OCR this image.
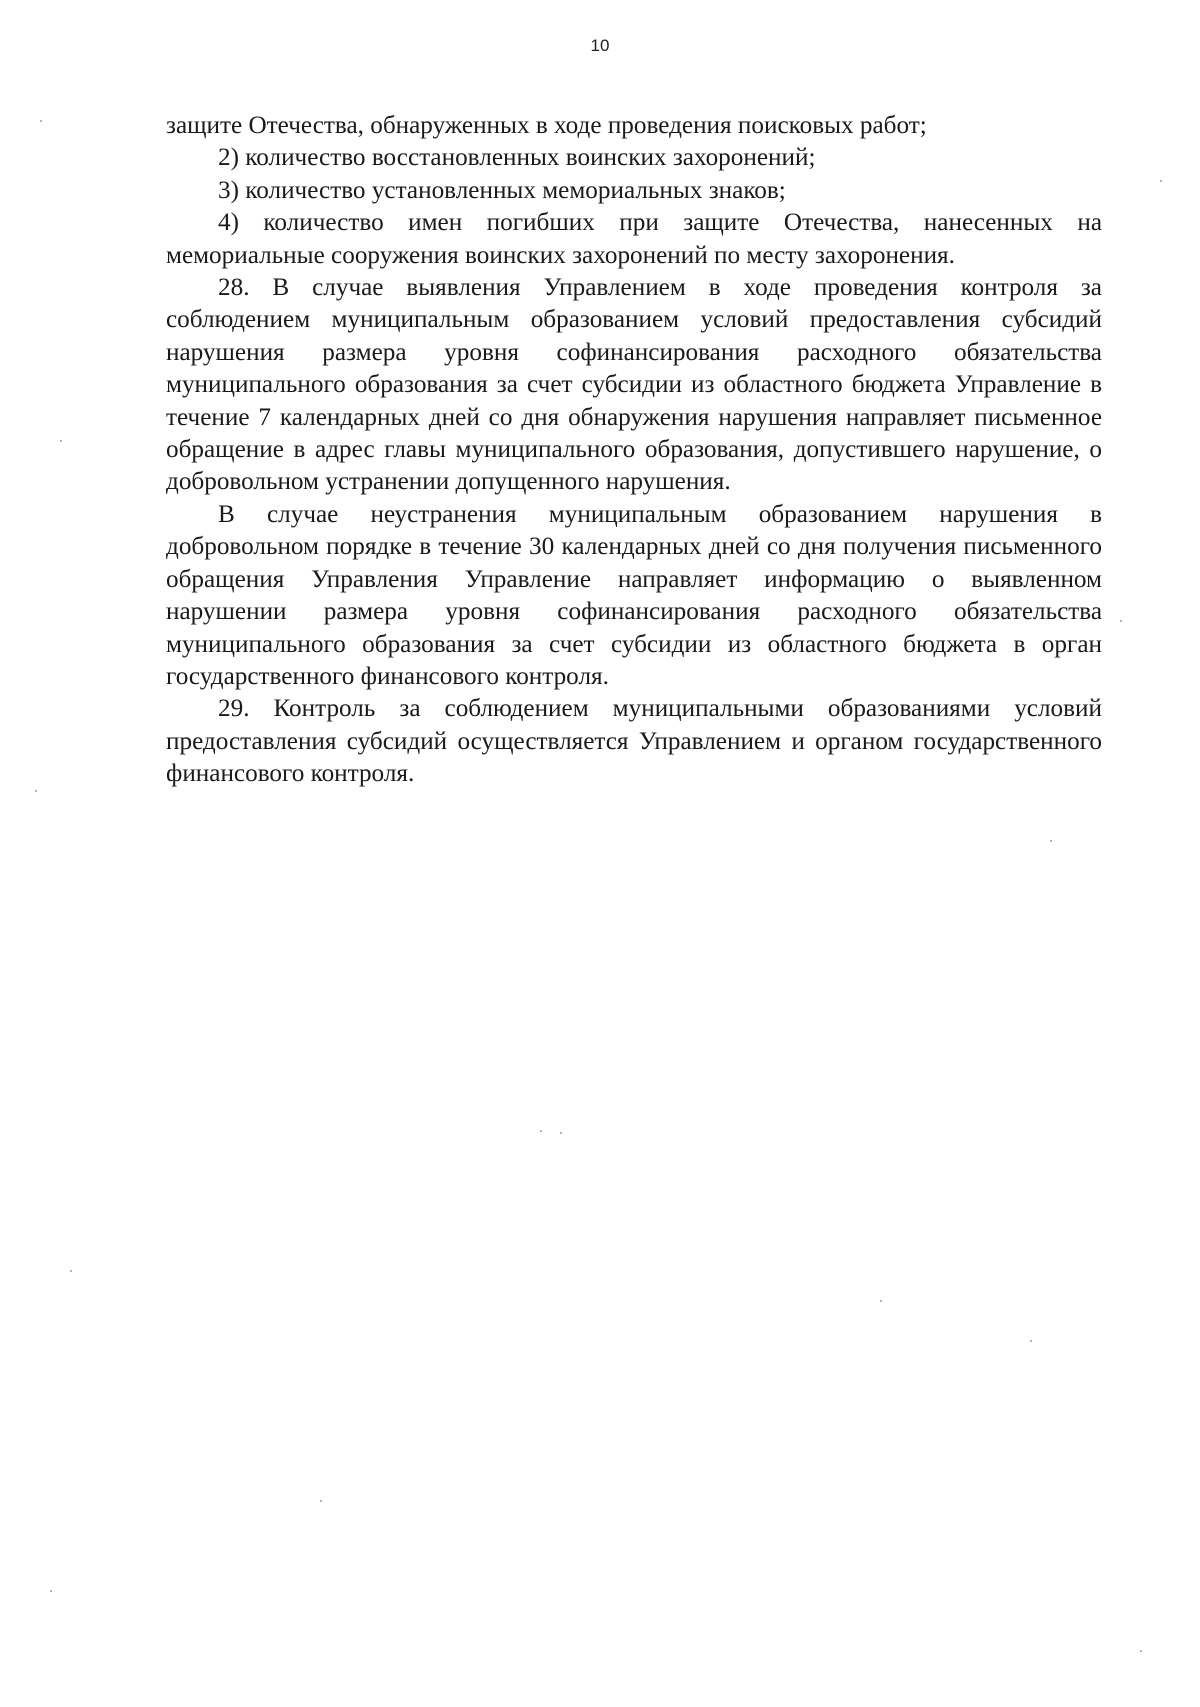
10

защите Отечества, обнаруженных в ходе проведения поисковых работ;

2) количество восстановленных воинских захоронений;

3) количество установленных мемориальных знаков;

4) количество имен погибших при защите Отечества, нанесенных на мемориальные сооружения воинских захоронений по месту захоронения.

28. В случае выявления Управлением в ходе проведения контроля за соблюдением муниципальным образованием условий предоставления субсидий нарушения размера уровня софинансирования расходного обязательства муниципального образования за счет субсидии из областного бюджета Управление в течение 7 календарных дней со дня обнаружения нарушения направляет письменное обращение в адрес главы муниципального образования, допустившего нарушение, о добровольном устранении допущенного нарушения.

В случае неустранения муниципальным образованием нарушения в добровольном порядке в течение 30 календарных дней со дня получения письменного обращения Управления Управление направляет информацию о выявленном нарушении размера уровня софинансирования расходного обязательства муниципального образования за счет субсидии из областного бюджета в орган государственного финансового контроля.

29. Контроль за соблюдением муниципальными образованиями условий предоставления субсидий осуществляется Управлением и органом государственного финансового контроля.
